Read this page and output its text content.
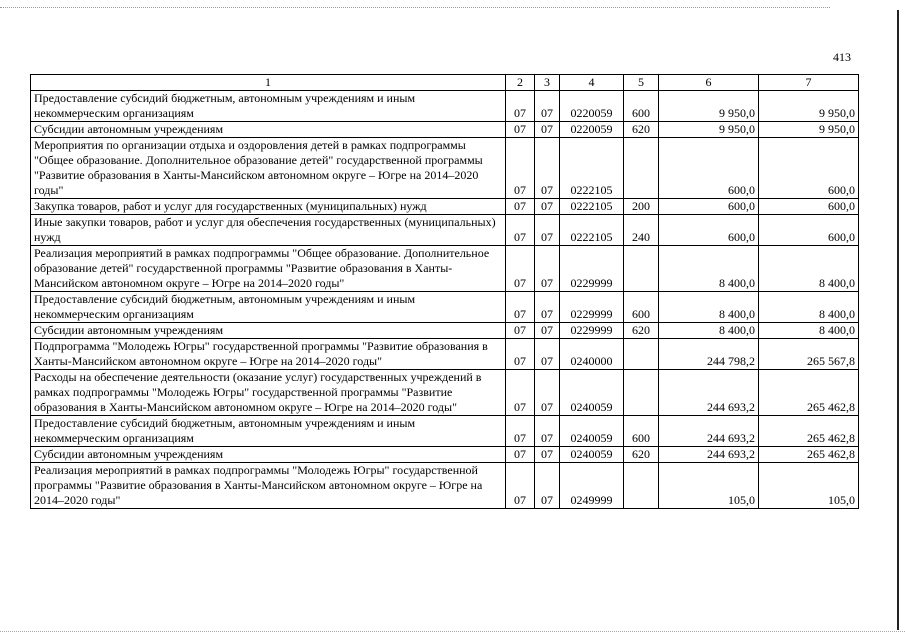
413
1	2	3	4	5	6	7
Предоставление субсидий бюджетным, автономным учреждениям и иным некоммерческим организациям	07	07	0220059	600	9 950,0	9 950,0
Субсидии автономным учреждениям	07	07	0220059	620	9 950,0	9 950,0
Мероприятия по организации отдыха и оздоровления детей в рамках подпрограммы "Общее образование. Дополнительное образование детей" государственной программы "Развитие образования в Ханты-Мансийском автономном округе – Югре на 2014–2020 годы"	07	07	0222105		600,0	600,0
Закупка товаров, работ и услуг для государственных (муниципальных) нужд	07	07	0222105	200	600,0	600,0
Иные закупки товаров, работ и услуг для обеспечения государственных (муниципальных) нужд	07	07	0222105	240	600,0	600,0
Реализация мероприятий в рамках подпрограммы "Общее образование. Дополнительное образование детей" государственной программы "Развитие образования в Ханты-Мансийском автономном округе – Югре на 2014–2020 годы"	07	07	0229999		8 400,0	8 400,0
Предоставление субсидий бюджетным, автономным учреждениям и иным некоммерческим организациям	07	07	0229999	600	8 400,0	8 400,0
Субсидии автономным учреждениям	07	07	0229999	620	8 400,0	8 400,0
Подпрограмма "Молодежь Югры" государственной программы "Развитие образования в Ханты-Мансийском автономном округе – Югре на 2014–2020 годы"	07	07	0240000		244 798,2	265 567,8
Расходы на обеспечение деятельности (оказание услуг) государственных учреждений в рамках подпрограммы "Молодежь Югры" государственной программы "Развитие образования в Ханты-Мансийском автономном округе – Югре на 2014–2020 годы"	07	07	0240059		244 693,2	265 462,8
Предоставление субсидий бюджетным, автономным учреждениям и иным некоммерческим организациям	07	07	0240059	600	244 693,2	265 462,8
Субсидии автономным учреждениям	07	07	0240059	620	244 693,2	265 462,8
Реализация мероприятий в рамках подпрограммы "Молодежь Югры" государственной программы "Развитие образования в Ханты-Мансийском автономном округе – Югре на 2014–2020 годы"	07	07	0249999		105,0	105,0
